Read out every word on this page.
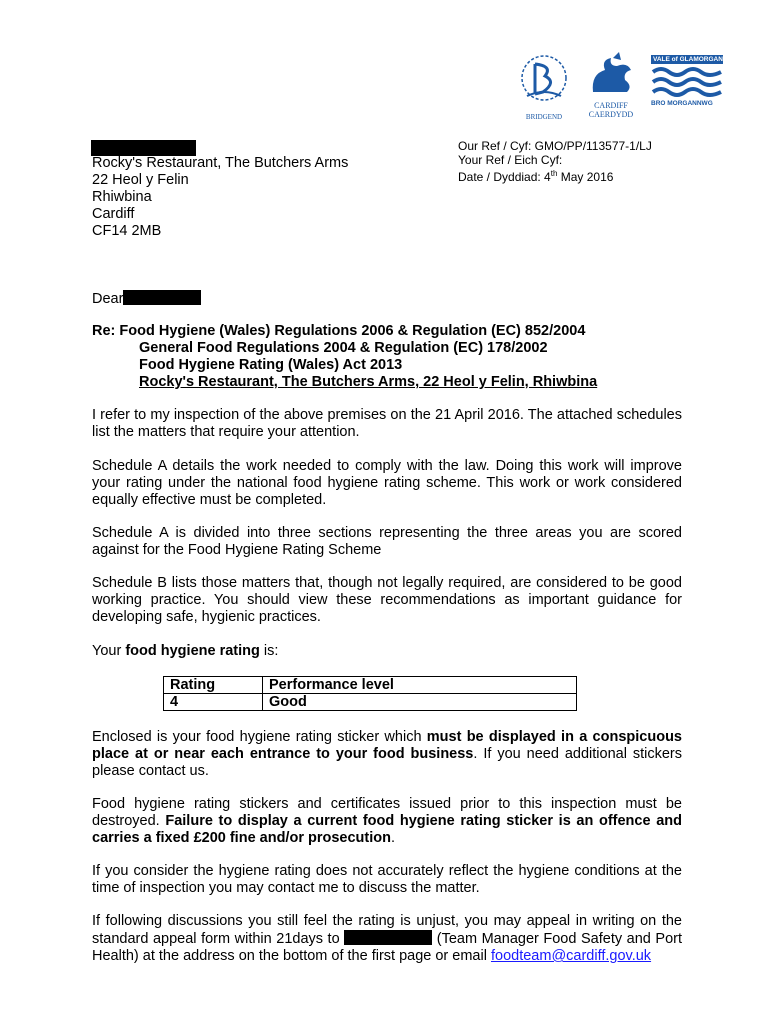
BRIDGEND
CARDIFF
CAERDYDD
VALE of GLAMORGAN
BRO MORGANNWG
Rocky's Restaurant, The Butchers Arms
22 Heol y Felin
Rhiwbina
Cardiff
CF14 2MB
Our Ref / Cyf: GMO/PP/113577-1/LJ
Your Ref / Eich Cyf:
Date / Dyddiad: 4th May 2016
Dear
Re: Food Hygiene (Wales) Regulations 2006 & Regulation (EC) 852/2004
General Food Regulations 2004 & Regulation (EC) 178/2002
Food Hygiene Rating (Wales) Act 2013
Rocky's Restaurant, The Butchers Arms, 22 Heol y Felin, Rhiwbina
I refer to my inspection of the above premises on the 21 April 2016. The attached schedules list the matters that require your attention.
Schedule A details the work needed to comply with the law. Doing this work will improve your rating under the national food hygiene rating scheme. This work or work considered equally effective must be completed.
Schedule A is divided into three sections representing the three areas you are scored against for the Food Hygiene Rating Scheme
Schedule B lists those matters that, though not legally required, are considered to be good working practice. You should view these recommendations as important guidance for developing safe, hygienic practices.
Your food hygiene rating is:
Rating	Performance level
4	Good
Enclosed is your food hygiene rating sticker which must be displayed in a conspicuous place at or near each entrance to your food business. If you need additional stickers please contact us.
Food hygiene rating stickers and certificates issued prior to this inspection must be destroyed. Failure to display a current food hygiene rating sticker is an offence and carries a fixed £200 fine and/or prosecution.
If you consider the hygiene rating does not accurately reflect the hygiene conditions at the time of inspection you may contact me to discuss the matter.
If following discussions you still feel the rating is unjust, you may appeal in writing on the standard appeal form within 21days to	(Team Manager Food Safety and Port Health) at the address on the bottom of the first page or email foodteam@cardiff.gov.uk
